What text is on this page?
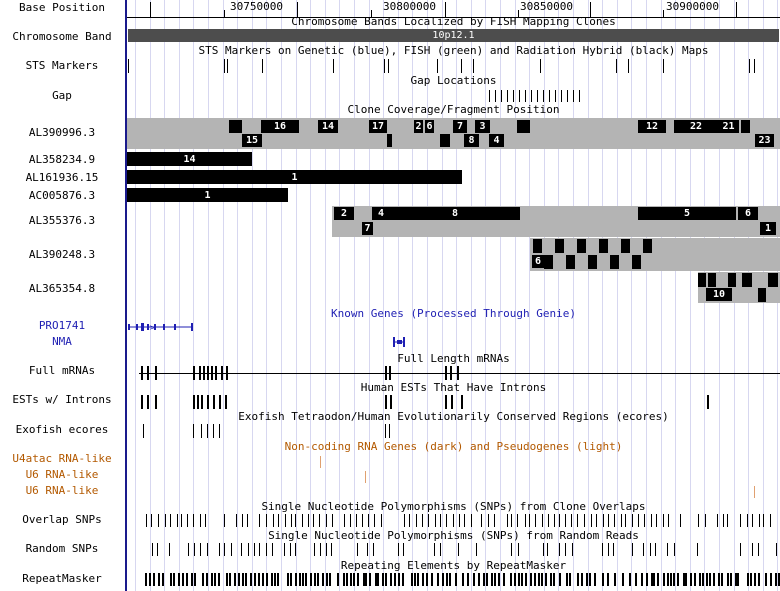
Base Position
Chromosome Band
STS Markers
Gap
AL390996.3
AL358234.9
AL161936.15
AC005876.3
AL355376.3
AL390248.3
AL365354.8
PRO1741
NMA
Full mRNAs
ESTs w/ Introns
Exofish ecores
U4atac RNA-like
U6 RNA-like
U6 RNA-like
Overlap SNPs
Random SNPs
RepeatMasker
30750000	30800000	30850000	30900000
Chromosome Bands Localized by FISH Mapping Clones
10p12.1
STS Markers on Genetic (blue), FISH (green) and Radiation Hybrid (black) Maps
Gap Locations
Clone Coverage/Fragment Position
15
16	14	17	2 6	7
8
3
4
12	22	21
23
14
1
1
2	4
7
8	5	6
1
6
10
Known Genes (Processed Through Genie)
>
Full Length mRNAs
Human ESTs That Have Introns
Exofish Tetraodon/Human Evolutionarily Conserved Regions (ecores)
Non-coding RNA Genes (dark) and Pseudogenes (light)
Single Nucleotide Polymorphisms (SNPs) from Clone Overlaps
Single Nucleotide Polymorphisms (SNPs) from Random Reads
Repeating Elements by RepeatMasker
